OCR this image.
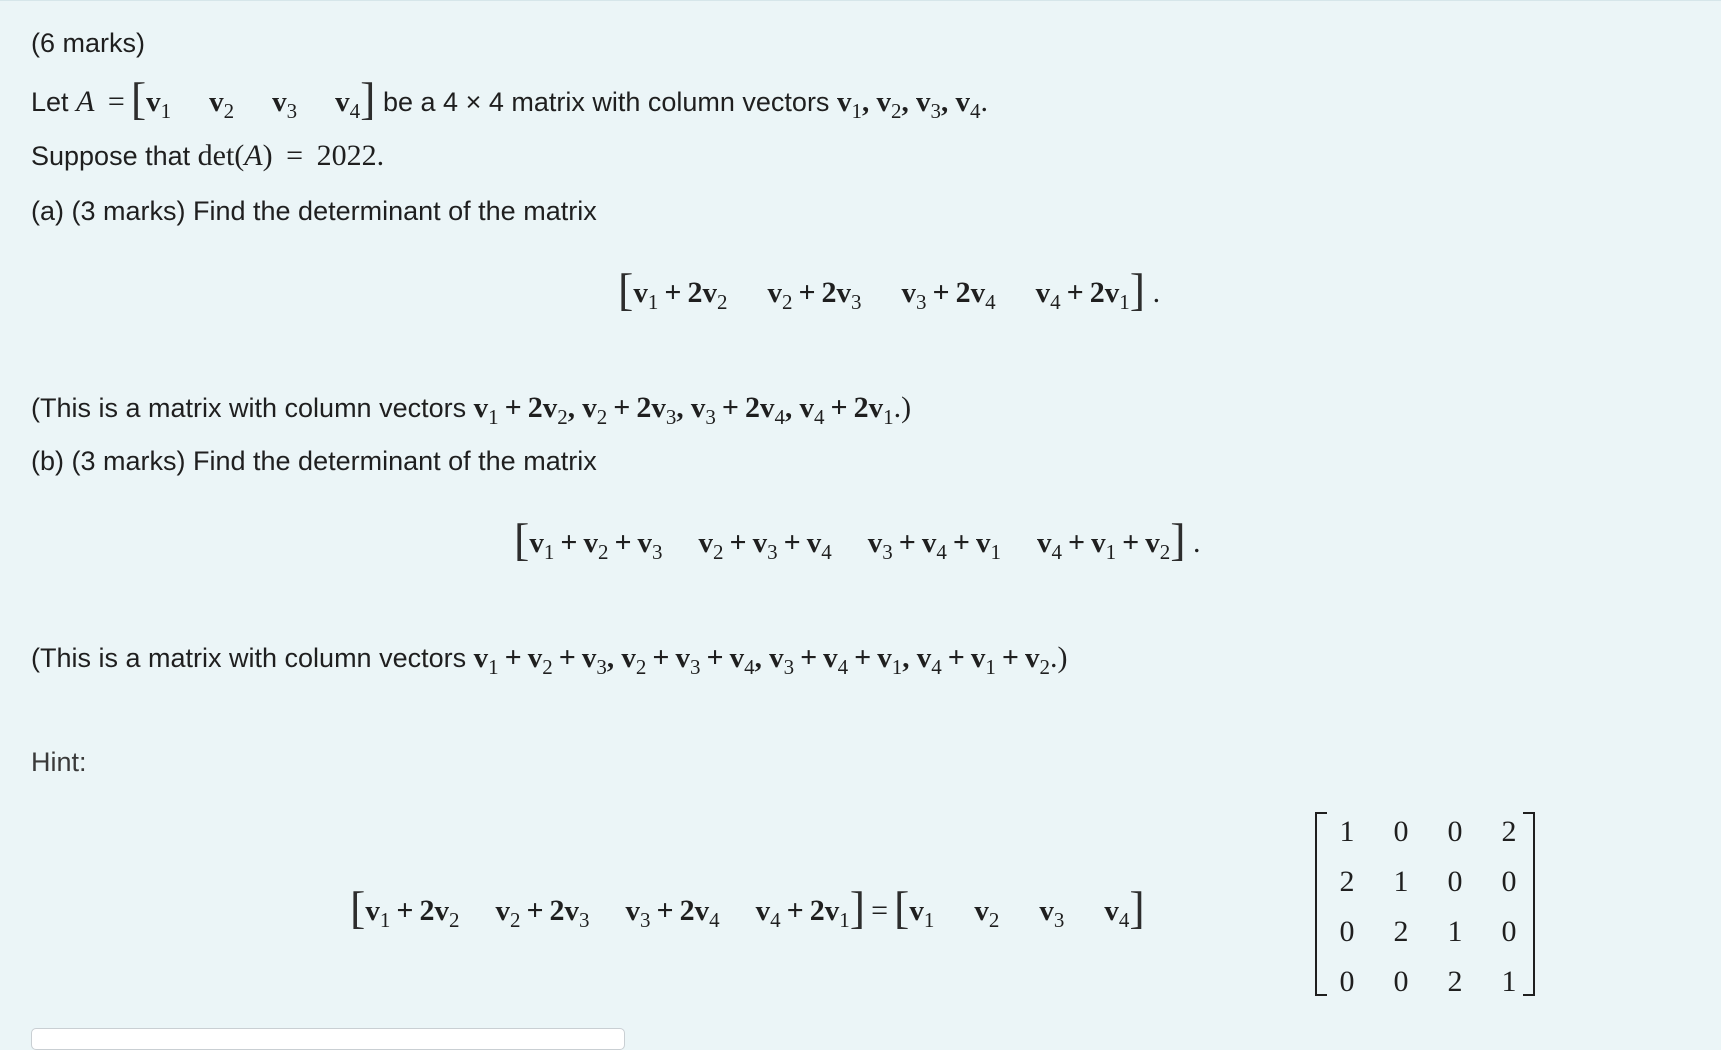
(6 marks)
Let $A = [v_1$ $v_2$ $v_3$ $v_4$] be a 4 × 4 matrix with column vectors $v_1$, $v_2$, $v_3$, $v_4$.
Suppose that det(A) = 2022.
(a) (3 marks) Find the determinant of the matrix
[$v_1 + 2v_2$ $v_2 + 2v_3$ $v_3 + 2v_4$ $v_4 + 2v_1$] .
(This is a matrix with column vectors $v_1 + 2v_2$, $v_2 + 2v_3$, $v_3 + 2v_4$, $v_4 + 2v_1$.)
(b) (3 marks) Find the determinant of the matrix
[$v_1 + v_2 + v_3$ $v_2 + v_3 + v_4$ $v_3 + v_4 + v_1$ $v_4 + v_1 + v_2$] .
(This is a matrix with column vectors $v_1 + v_2 + v_3$, $v_2 + v_3 + v_4$, $v_3 + v_4 + v_1$, $v_4 + v_1 + v_2$.)
Hint:
[$v_1 + 2v_2$ $v_2 + 2v_3$ $v_3 + 2v_4$ $v_4 + 2v_1] = [v_1$ $v_2$ $v_3$ $v_4$]
1	0	0	2
2	1	0	0
0	2	1	0
0	0	2	1
